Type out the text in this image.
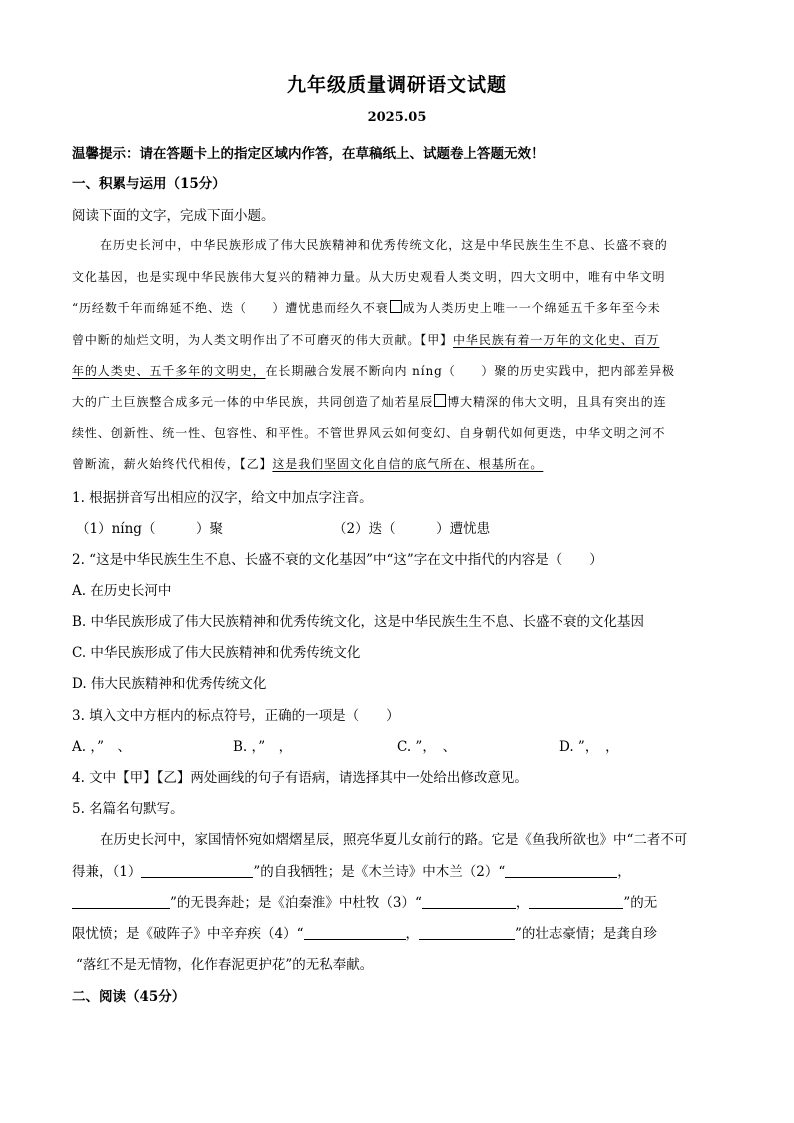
九年级质量调研语文试题
2025.05
温馨提示：请在答题卡上的指定区域内作答，在草稿纸上、试题卷上答题无效！
一、积累与运用（15分）
阅读下面的文字，完成下面小题。
在历史长河中，中华民族形成了伟大民族精神和优秀传统文化，这是中华民族生生不息、长盛不衰的
文化基因，也是实现中华民族伟大复兴的精神力量。从大历史观看人类文明，四大文明中，唯有中华文明
“历经数千年而绵延不绝、迭（　　）遭忧患而经久不衰 成为人类历史上唯一一个绵延五千多年至今未
曾中断的灿烂文明，为人类文明作出了不可磨灭的伟大贡献。【甲】中华民族有着一万年的文化史、百万
年的人类史、五千多年的文明史，在长期融合发展不断向内 níng（　　）聚的历史实践中，把内部差异极
大的广土巨族整合成多元一体的中华民族，共同创造了灿若星辰 博大精深的伟大文明，且具有突出的连
续性、创新性、统一性、包容性、和平性。不管世界风云如何变幻、自身朝代如何更迭，中华文明之河不
曾断流，薪火始终代代相传，【乙】这是我们坚固文化自信的底气所在、根基所在。
1. 根据拼音写出相应的汉字，给文中加点字注音。
（1）níng（　　　）聚	（2）迭（　　　）遭忧患
2. “这是中华民族生生不息、长盛不衰的文化基因”中“这”字在文中指代的内容是（　　）
A. 在历史长河中
B. 中华民族形成了伟大民族精神和优秀传统文化，这是中华民族生生不息、长盛不衰的文化基因
C. 中华民族形成了伟大民族精神和优秀传统文化
D. 伟大民族精神和优秀传统文化
3. 填入文中方框内的标点符号，正确的一项是（　　）
A. ，”　、	B. ，”　，	C. ”，　、	D. ”，　，
4. 文中【甲】【乙】两处画线的句子有语病，请选择其中一处给出修改意见。
5. 名篇名句默写。
在历史长河中，家国情怀宛如熠熠星辰，照亮华夏儿女前行的路。它是《鱼我所欲也》中“二者不可
得兼，（1）	”的自我牺牲；是《木兰诗》中木兰（2）“	，
”的无畏奔赴；是《泊秦淮》中杜牧（3）“	，	”的无
限忧愤；是《破阵子》中辛弃疾（4）“	，	”的壮志豪情；是龚自珍
“落红不是无情物，化作春泥更护花”的无私奉献。
二、阅读（45分）
